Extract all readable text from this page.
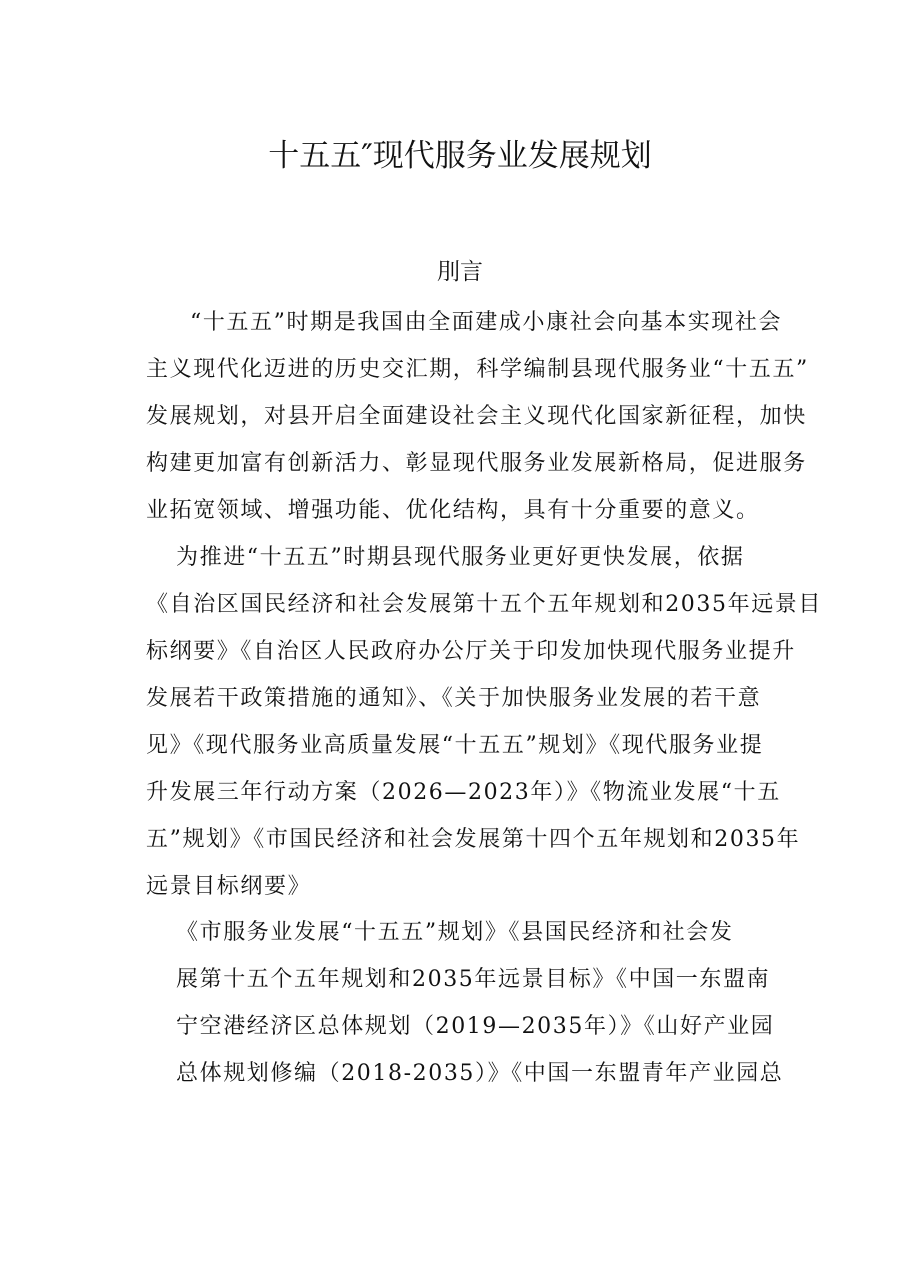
十五五″现代服务业发展规划
刖言
“十五五”时期是我国由全面建成小康社会向基本实现社会
主义现代化迈进的历史交汇期，科学编制县现代服务业“十五五”
发展规划，对县开启全面建设社会主义现代化国家新征程，加快
构建更加富有创新活力、彰显现代服务业发展新格局，促进服务
业拓宽领域、增强功能、优化结构，具有十分重要的意义。
为推进“十五五”时期县现代服务业更好更快发展，依据
《自治区国民经济和社会发展第十五个五年规划和2035年远景目
标纲要》《自治区人民政府办公厅关于印发加快现代服务业提升
发展若干政策措施的通知》、《关于加快服务业发展的若干意
见》《现代服务业高质量发展“十五五”规划》《现代服务业提
升发展三年行动方案（2026—2023年）》《物流业发展“十五
五”规划》《市国民经济和社会发展第十四个五年规划和2035年
远景目标纲要》
《市服务业发展“十五五”规划》《县国民经济和社会发
展第十五个五年规划和2035年远景目标》《中国一东盟南
宁空港经济区总体规划（2019—2035年）》《山好产业园
总体规划修编（2018-2035）》《中国一东盟青年产业园总
